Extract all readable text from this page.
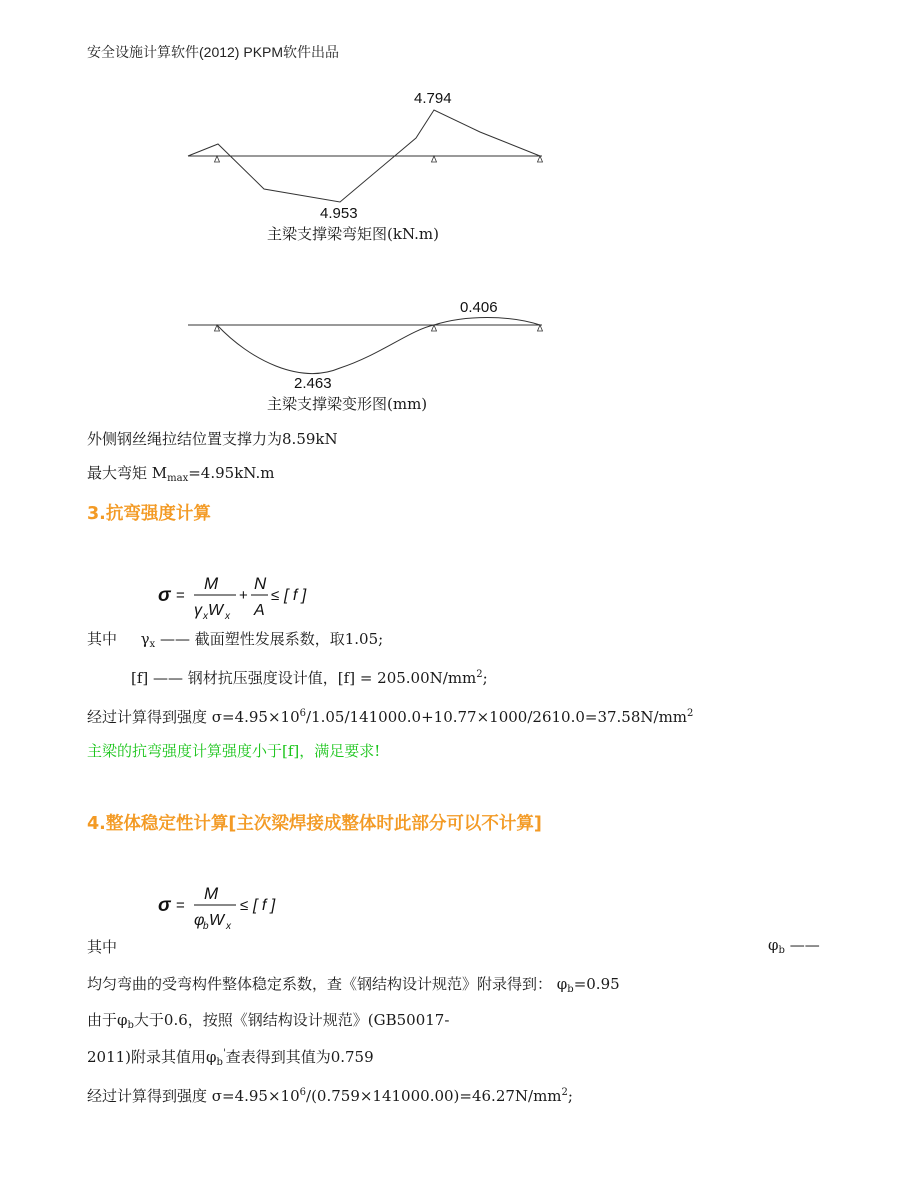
安全设施计算软件(2012) PKPM软件出品
4.794
4.953
主梁支撑梁弯矩图(kN.m)
0.406
2.463
主梁支撑梁变形图(mm)
外侧钢丝绳拉结位置支撑力为8.59kN
最大弯矩 $M_{max}=4.95kN.m$
3.抗弯强度计算
σ =
M
γ x W x
+
N
A
≤ [ f ]
其中 $\gamma_x$ —— 截面塑性发展系数，取1.05;
[f] —— 钢材抗压强度设计值，$[f] = 205.00N/mm^2$;
经过计算得到强度 $\sigma=4.95\times 10^6/1.05/141000.0+10.77\times 1000/2610.0=37.58N/mm^2$
主梁的抗弯强度计算强度小于[f]，满足要求!
4.整体稳定性计算[主次梁焊接成整体时此部分可以不计算]
σ =
M
φ
b W x
≤ [ f ]
其中	$\varphi_b$ ——
均匀弯曲的受弯构件整体稳定系数，查《钢结构设计规范》附录得到： $\varphi_b=0.95$
由于$\varphi_b$大于0.6，按照《钢结构设计规范》(GB50017-
2011)附录其值用$\varphi_b'$查表得到其值为0.759
经过计算得到强度 $\sigma=4.95\times 10^6/(0.759\times 141000.00)=46.27N/mm^2$;
